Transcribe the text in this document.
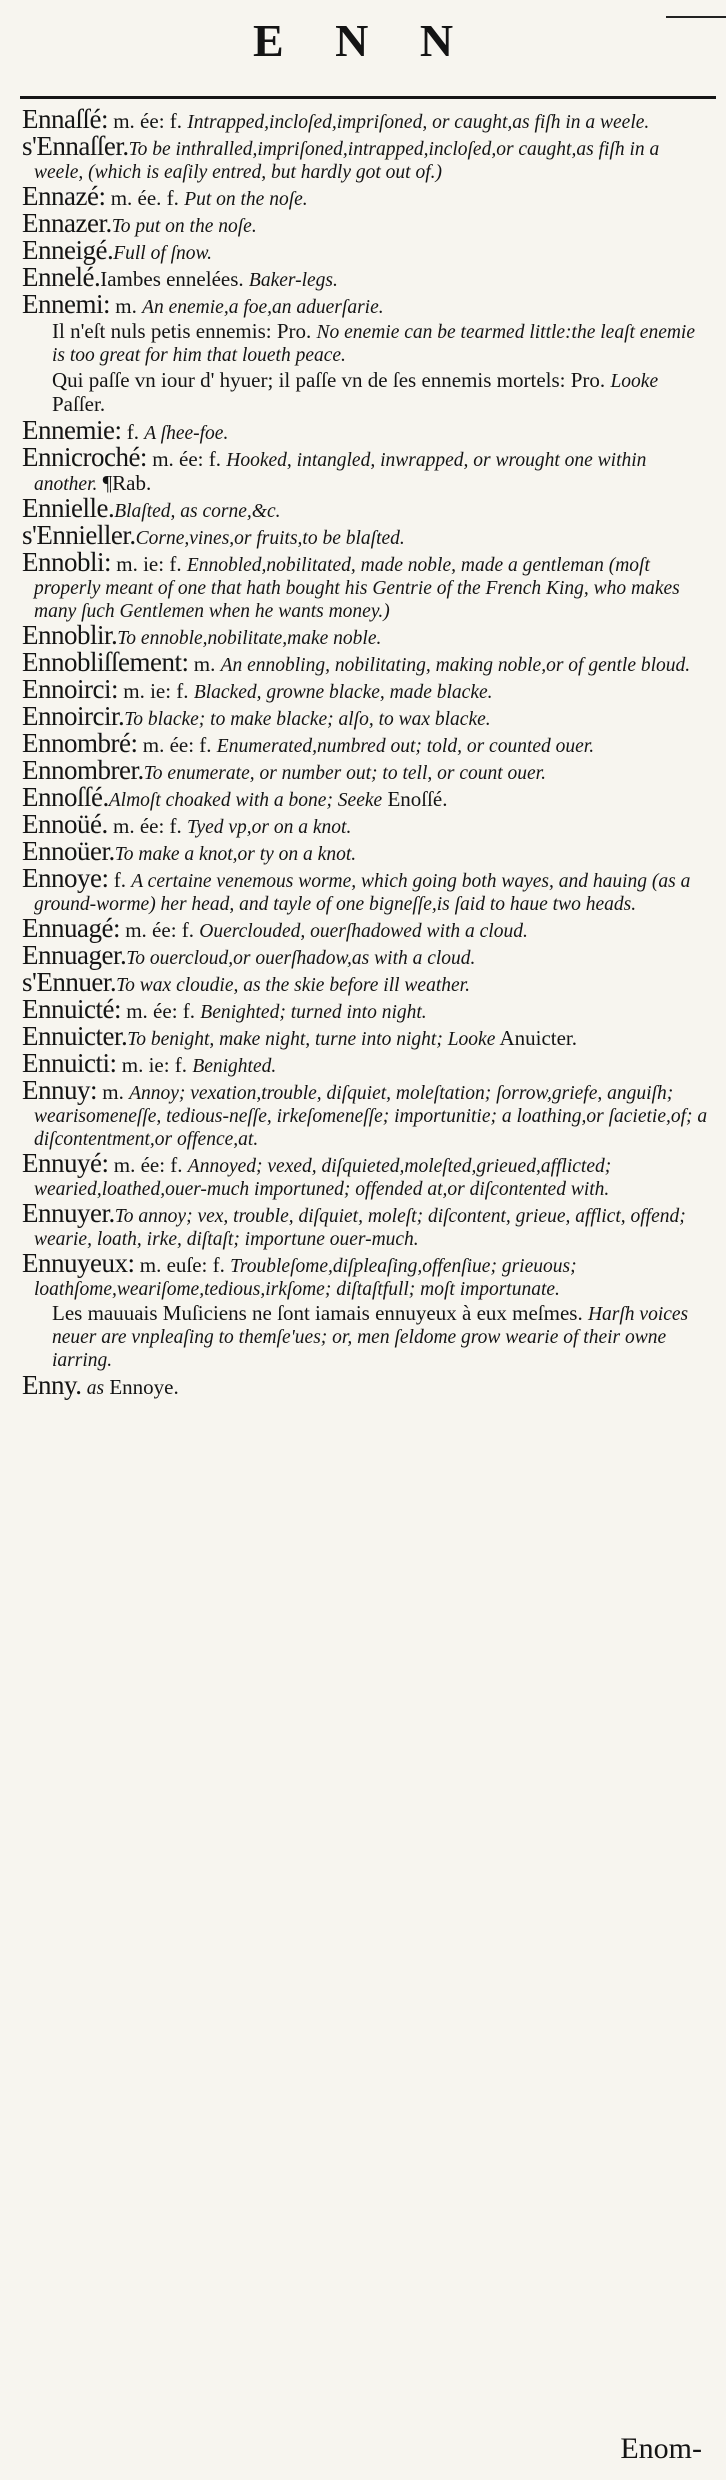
E N N
Ennaſſé: m. ée: f. Intrapped,incloſed,impriſoned, or caught,as fiſh in a weele.
s'Ennaſſer.To be inthralled,impriſoned,intrapped,incloſed,or caught,as fiſh in a weele, (which is eaſily entred, but hardly got out of.)
Ennazé: m. ée. f. Put on the noſe.
Ennazer.To put on the noſe.
Enneigé.Full of ſnow.
Ennelé.Iambes ennelées. Baker-legs.
Ennemi: m. An enemie,a foe,an aduerſarie.
Il n'eſt nuls petis ennemis: Pro. No enemie can be tearmed little:the leaſt enemie is too great for him that loueth peace.
Qui paſſe vn iour d' hyuer; il paſſe vn de ſes ennemis mortels: Pro. Looke Paſſer.
Ennemie: f. A ſhee-foe.
Ennicroché: m. ée: f. Hooked, intangled, inwrapped, or wrought one within another. ¶Rab.
Ennielle.Blaſted, as corne,&c.
s'Ennieller.Corne,vines,or fruits,to be blaſted.
Ennobli: m. ie: f. Ennobled,nobilitated, made noble, made a gentleman (moſt properly meant of one that hath bought his Gentrie of the French King, who makes many ſuch Gentlemen when he wants money.)
Ennoblir.To ennoble,nobilitate,make noble.
Ennobliſſement: m. An ennobling, nobilitating, making noble,or of gentle bloud.
Ennoirci: m. ie: f. Blacked, growne blacke, made blacke.
Ennoircir.To blacke; to make blacke; alſo, to wax blacke.
Ennombré: m. ée: f. Enumerated,numbred out; told, or counted ouer.
Ennombrer.To enumerate, or number out; to tell, or count ouer.
Ennoſſé.Almoſt choaked with a bone; Seeke Enoſſé.
Ennoüé. m. ée: f. Tyed vp,or on a knot.
Ennoüer.To make a knot,or ty on a knot.
Ennoye: f. A certaine venemous worme, which going both wayes, and hauing (as a ground-worme) her head, and tayle of one bigneſſe,is ſaid to haue two heads.
Ennuagé: m. ée: f. Ouerclouded, ouerſhadowed with a cloud.
Ennuager.To ouercloud,or ouerſhadow,as with a cloud.
s'Ennuer.To wax cloudie, as the skie before ill weather.
Ennuicté: m. ée: f. Benighted; turned into night.
Ennuicter.To benight, make night, turne into night; Looke Anuicter.
Ennuicti: m. ie: f. Benighted.
Ennuy: m. Annoy; vexation,trouble, diſquiet, moleſtation; ſorrow,griefe, anguiſh; wearisomeneſſe, tedious-neſſe, irkeſomeneſſe; importunitie; a loathing,or ſacietie,of; a diſcontentment,or offence,at.
Ennuyé: m. ée: f. Annoyed; vexed, diſquieted,moleſted,grieued,afflicted; wearied,loathed,ouer-much importuned; offended at,or diſcontented with.
Ennuyer.To annoy; vex, trouble, diſquiet, moleſt; diſcontent, grieue, afflict, offend; wearie, loath, irke, diſtaſt; importune ouer-much.
Ennuyeux: m. euſe: f. Troubleſome,diſpleaſing,offenſiue; grieuous; loathſome,weariſome,tedious,irkſome; diſtaſtfull; moſt importunate.
Les mauuais Muſiciens ne ſont iamais ennuyeux à eux meſmes. Harſh voices neuer are vnpleaſing to themſe'ues; or, men ſeldome grow wearie of their owne iarring.
Enny. as Ennoye.
Enom-
